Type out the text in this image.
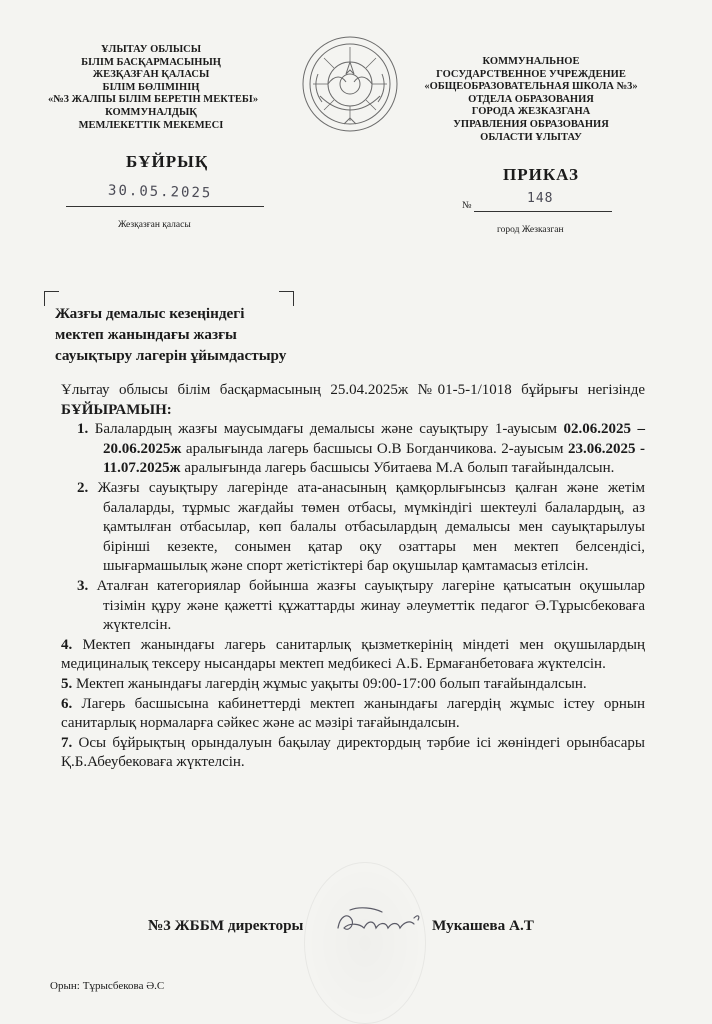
ҰЛЫТАУ ОБЛЫСЫ
БІЛІМ БАСҚАРМАСЫНЫҢ
ЖЕЗҚАЗҒАН ҚАЛАСЫ
БІЛІМ БӨЛІМІНІҢ
«№3 ЖАЛПЫ БІЛІМ БЕРЕТІН МЕКТЕБІ»
КОММУНАЛДЫҚ
МЕМЛЕКЕТТІК МЕКЕМЕСІ
КОММУНАЛЬНОЕ
ГОСУДАРСТВЕННОЕ УЧРЕЖДЕНИЕ
«ОБЩЕОБРАЗОВАТЕЛЬНАЯ ШКОЛА №3»
ОТДЕЛА ОБРАЗОВАНИЯ
ГОРОДА ЖЕЗКАЗГАНА
УПРАВЛЕНИЯ ОБРАЗОВАНИЯ
ОБЛАСТИ ҰЛЫТАУ
БҰЙРЫҚ
ПРИКАЗ
30.05.2025
Жезқазған қаласы
№	148
город Жезказган
Жазғы демалыс кезеңіндегі
мектеп жанындағы жазғы
сауықтыру лагерін ұйымдастыру

Ұлытау облысы білім басқармасының 25.04.2025ж №01-5-1/1018 бұйрығы негізінде БҰЙЫРАМЫН:

1. Балалардың жазғы маусымдағы демалысы және сауықтыру 1-ауысым 02.06.2025 – 20.06.2025ж аралығында лагерь басшысы О.В Богданчикова. 2-ауысым 23.06.2025 - 11.07.2025ж аралығында лагерь басшысы Убитаева М.А болып тағайындалсын.
2. Жазғы сауықтыру лагерінде ата-анасының қамқорлығынсыз қалған және жетім балаларды, тұрмыс жағдайы төмен отбасы, мүмкіндігі шектеулі балалардың, аз қамтылған отбасылар, көп балалы отбасылардың демалысы мен сауықтарылуы бірінші кезекте, сонымен қатар оқу озаттары мен мектеп белсендісі, шығармашылық және спорт жетістіктері бар оқушылар қамтамасыз етілсін.
3. Аталған категориялар бойынша жазғы сауықтыру лагеріне қатысатын оқушылар тізімін құру және қажетті құжаттарды жинау әлеуметтік педагог Ә.Тұрысбековаға жүктелсін.
4. Мектеп жанындағы лагерь санитарлық қызметкерінің міндеті мен оқушылардың медициналық тексеру нысандары мектеп медбикесі А.Б. Ермағанбетоваға жүктелсін.
5. Мектеп жанындағы лагердің жұмыс уақыты 09:00-17:00 болып тағайындалсын.
6. Лагерь басшысына кабинеттерді мектеп жанындағы лагердің жұмыс істеу орнын санитарлық нормаларға сәйкес және ас мәзірі тағайындалсын.
7. Осы бұйрықтың орындалуын бақылау директордың тәрбие ісі жөніндегі орынбасары Қ.Б.Абеубековаға жүктелсін.
№3 ЖББМ директоры	Мукашева А.Т
Орын: Тұрысбекова Ә.С
